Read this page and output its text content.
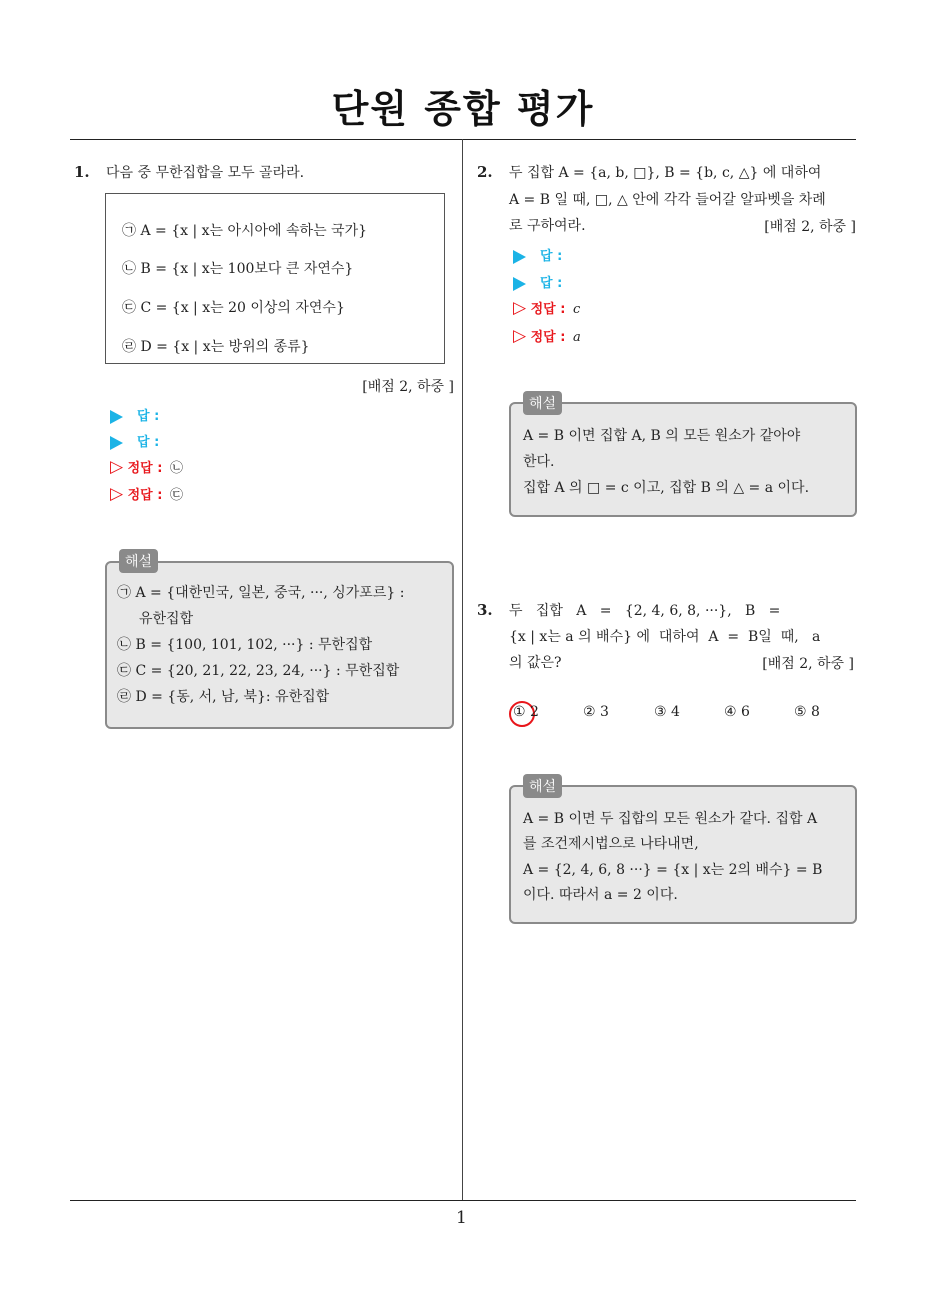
단원 종합 평가
1. 다음 중 무한집합을 모두 골라라.
㉠ A = {x | x는 아시아에 속하는 국가}
㉡ B = {x | x는 100보다 큰 자연수}
㉢ C = {x | x는 20 이상의 자연수}
㉣ D = {x | x는 방위의 종류}
[배점 2, 하중 ]
답 :
답 :
▷ 정답 : ㉡
▷ 정답 : ㉢
㉠ A = {대한민국, 일본, 중국, ···, 싱가포르} :
유한집합
㉡ B = {100, 101, 102, ···} : 무한집합
㉢ C = {20, 21, 22, 23, 24, ···} : 무한집합
㉣ D = {동, 서, 남, 북}: 유한집합
해설
2. 두 집합 A = {a, b, □}, B = {b, c, △} 에 대하여
A = B 일 때, □, △ 안에 각각 들어갈 알파벳을 차례
로 구하여라.	[배점 2, 하중 ]
답 :
답 :
▷ 정답 : c
▷ 정답 : a
A = B 이면 집합 A, B 의 모든 원소가 같아야
한다.
집합 A 의 □ = c 이고, 집합 B 의 △ = a 이다.
해설
3. 두   집합   A   =   {2, 4, 6, 8, ···},   B   =
{x | x는 a 의 배수} 에  대하여  A  =  B일  때,   a
의 값은?	[배점 2, 하중 ]
① 2	② 3	③ 4	④ 6	⑤ 8
A = B 이면 두 집합의 모든 원소가 같다. 집합 A
를 조건제시법으로 나타내면,
A = {2, 4, 6, 8 ···} = {x | x는 2의 배수} = B
이다. 따라서 a = 2 이다.
해설
1
